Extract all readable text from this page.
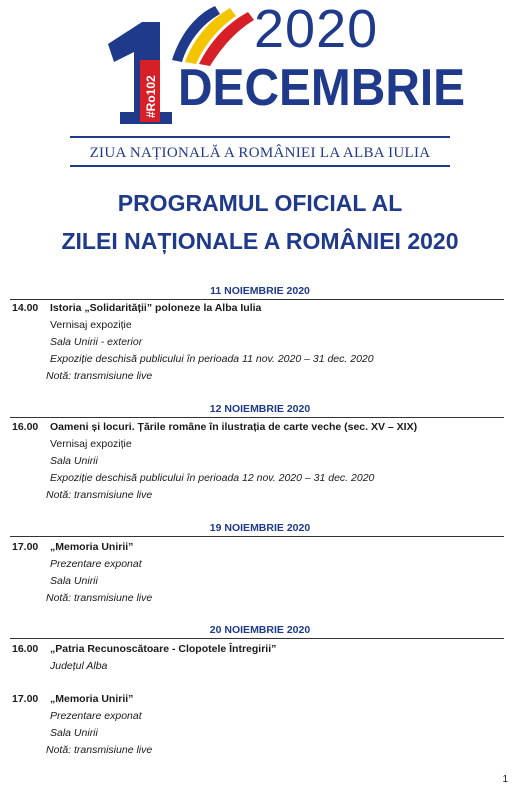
#Ro102
2020
DECEMBRIE
ZIUA NAȚIONALĂ A ROMÂNIEI LA ALBA IULIA
PROGRAMUL OFICIAL AL
ZILEI NAȚIONALE A ROMÂNIEI 2020
11 NOIEMBRIE 2020
14.00 Istoria „Solidarității” poloneze la Alba Iulia
Vernisaj expoziție
Sala Unirii - exterior
Expoziție deschisă publicului în perioada 11 nov. 2020 – 31 dec. 2020
Notă: transmisiune live
12 NOIEMBRIE 2020
16.00 Oameni și locuri. Țările române în ilustrația de carte veche (sec. XV – XIX)
Vernisaj expoziție
Sala Unirii
Expoziție deschisă publicului în perioada 12 nov. 2020 – 31 dec. 2020
Notă: transmisiune live
19 NOIEMBRIE 2020
17.00 „Memoria Unirii”
Prezentare exponat
Sala Unirii
Notă: transmisiune live
20 NOIEMBRIE 2020
16.00 „Patria Recunoscătoare - Clopotele Întregirii”
Județul Alba
17.00 „Memoria Unirii”
Prezentare exponat
Sala Unirii
Notă: transmisiune live
1
